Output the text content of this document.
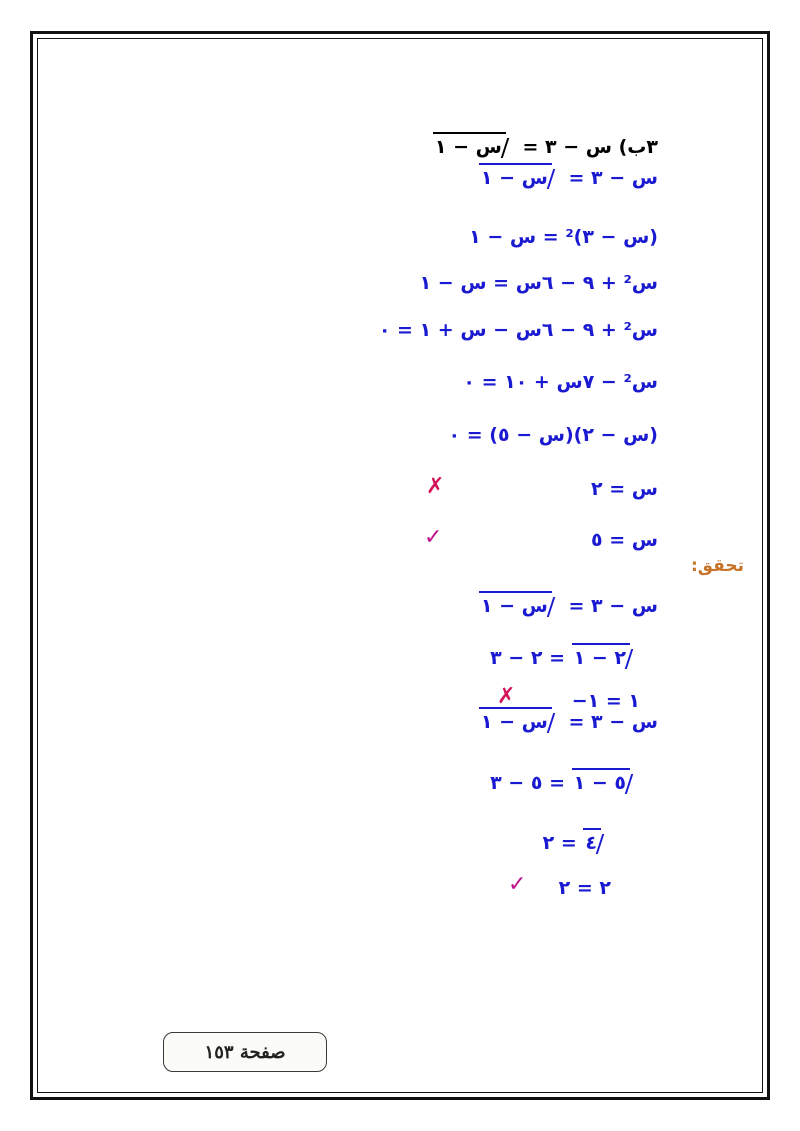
٣ب) س − ٣ = س − ١
س − ٣ = س − ١
(س − ٣)² = س − ١
س² + ٩ − ٦س = س − ١
س² + ٩ − ٦س − س + ١ = ٠
س² − ٧س + ١٠ = ٠
(س − ٢)(س − ٥) = ٠
س = ٢
✗
س = ٥
✓
تحقق:
س − ٣ = س − ١
٢ − ٣ = ٢ − ١
−١ = ١
✗
س − ٣ = س − ١
٥ − ٣ = ٥ − ١
٢ = ٤
٢ = ٢
✓
صفحة ١٥٣
